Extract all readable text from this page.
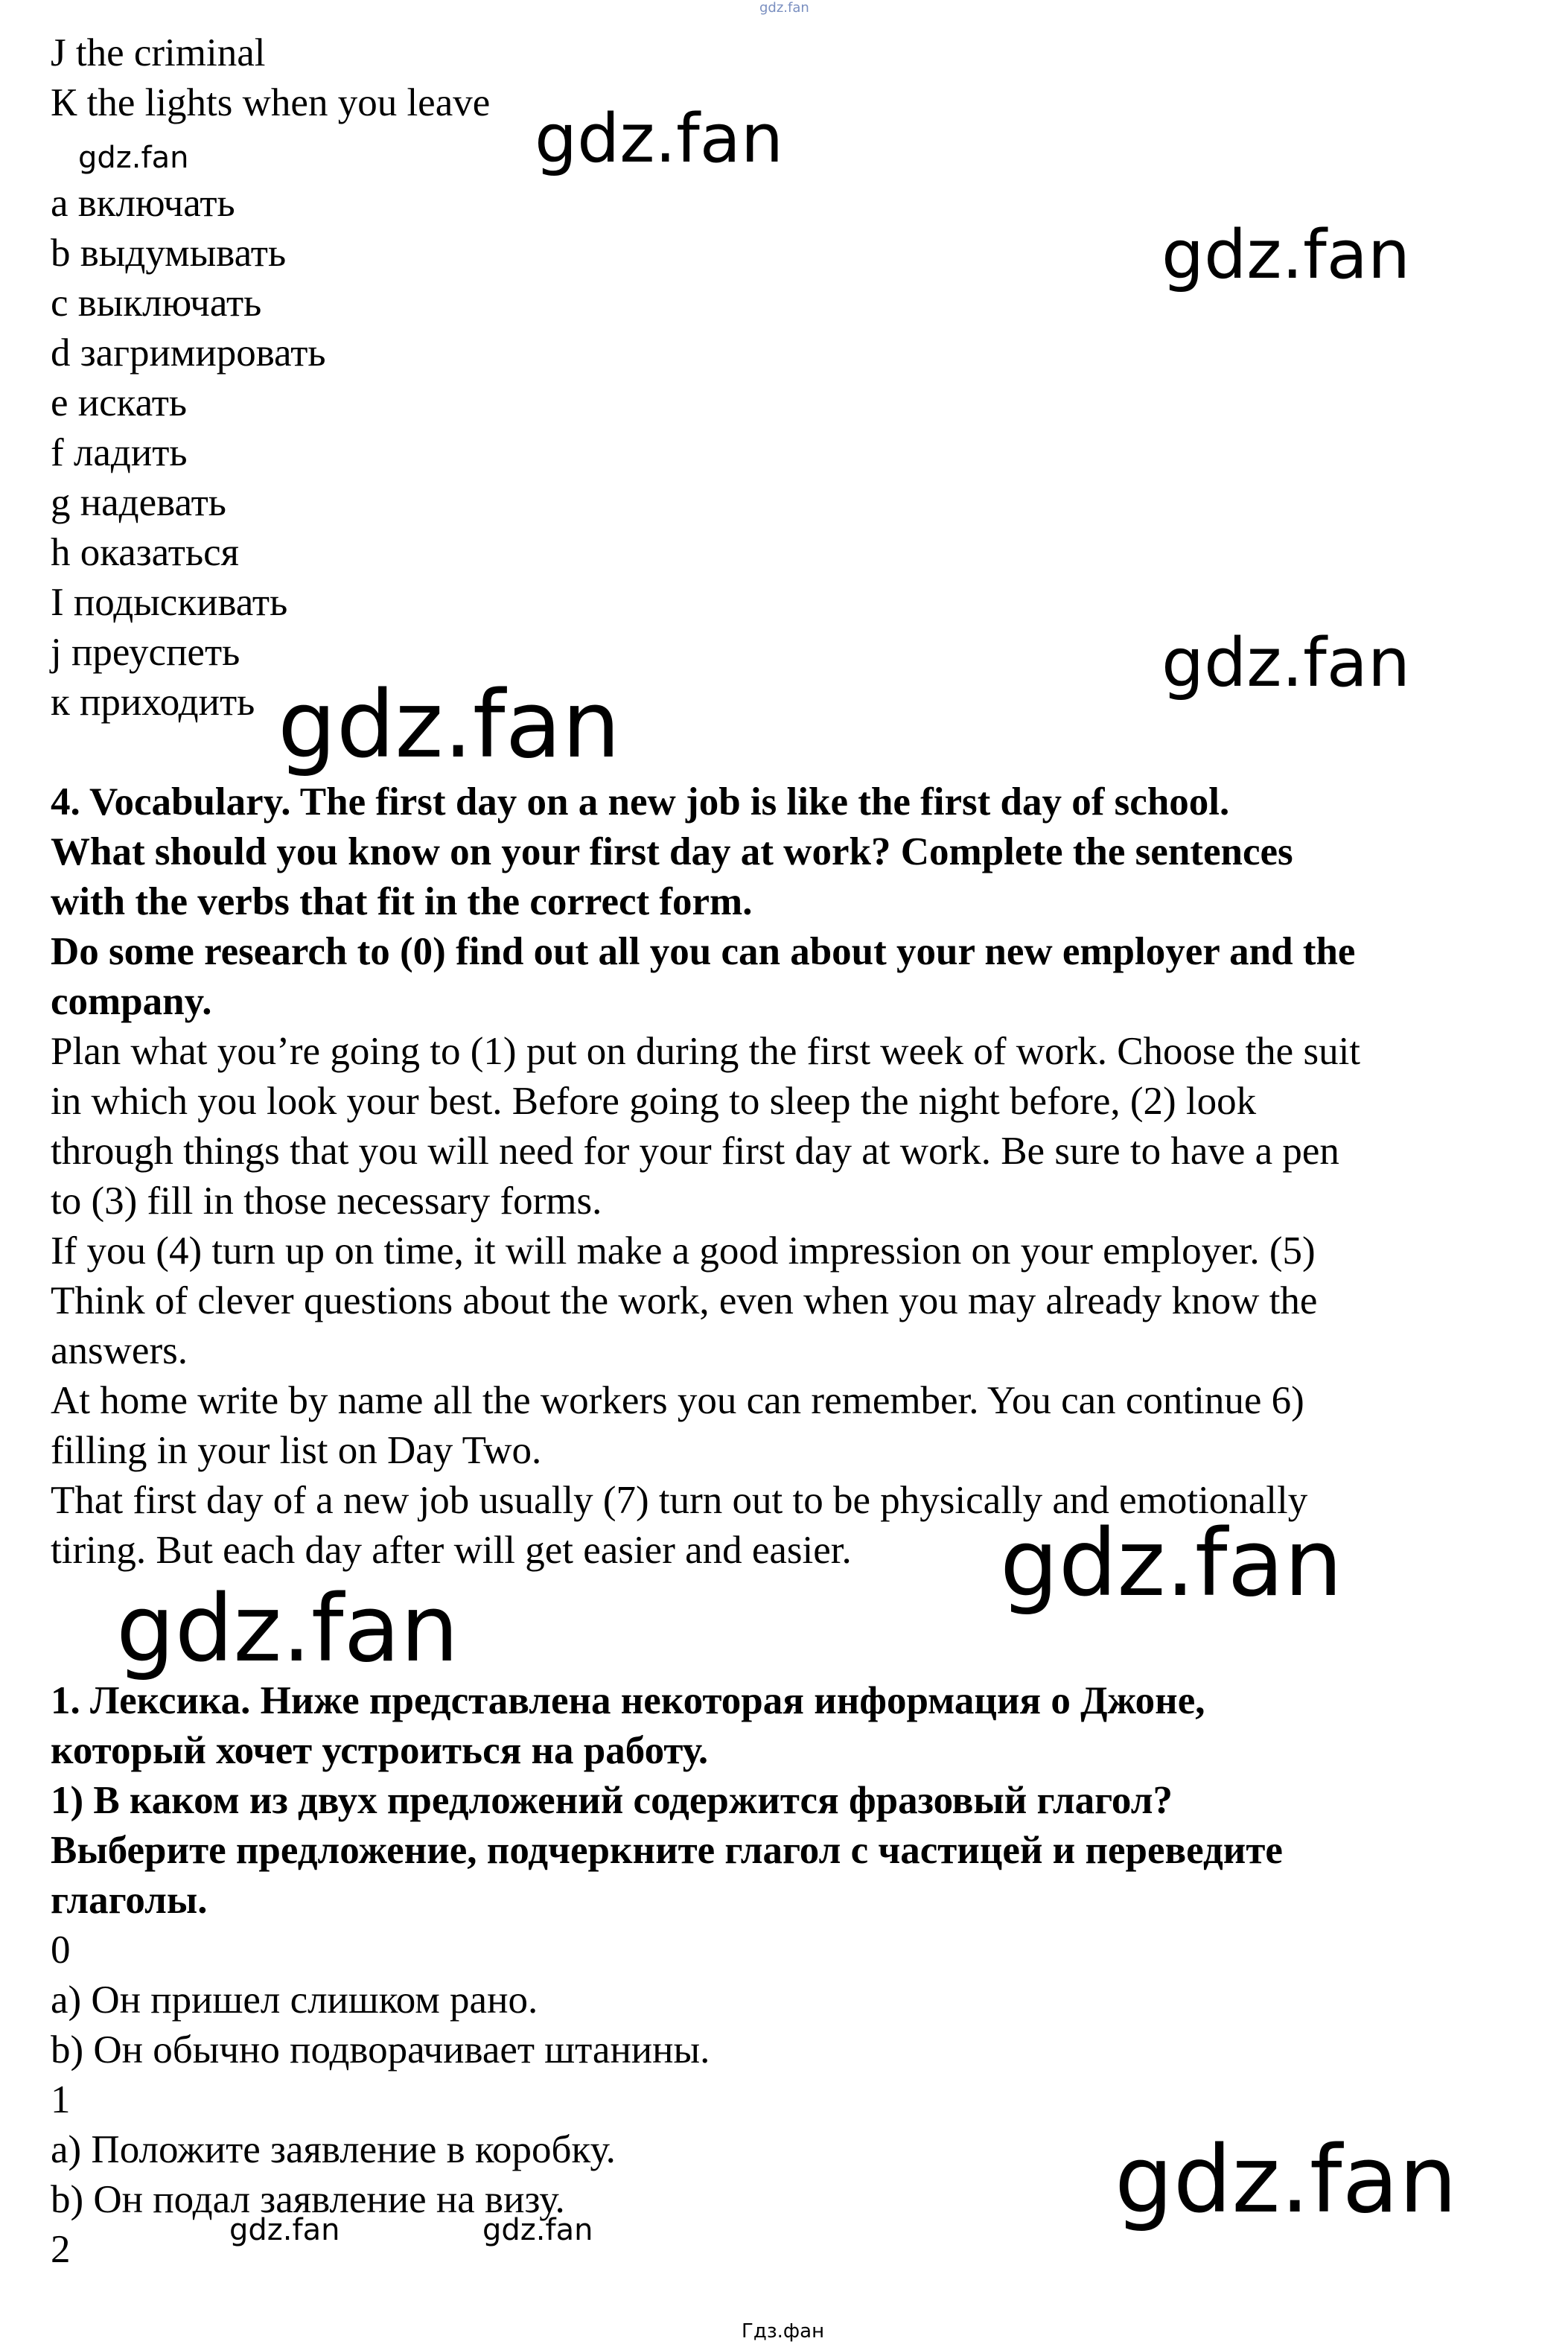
gdz.fan
gdz.fan
gdz.fan
gdz.fan
gdz.fan
gdz.fan
gdz.fan
gdz.fan
gdz.fan
gdz.fan	gdz.fan
Гдз.фан
J the criminal
К the lights when you leave
а включать
b выдумывать
с выключать
d загримировать
е искать
f ладить
g надевать
h оказаться
I подыскивать
j преуспеть
к приходить
4. Vocabulary. The first day on a new job is like the first day of school.
What should you know on your first day at work? Complete the sentences
with the verbs that fit in the correct form.
Do some research to (0) find out all you can about your new employer and the
company.
Plan what you’re going to (1) put on during the first week of work. Choose the suit
in which you look your best. Before going to sleep the night before, (2) look
through things that you will need for your first day at work. Be sure to have a pen
to (3) fill in those necessary forms.
If you (4) turn up on time, it will make a good impression on your employer. (5)
Think of clever questions about the work, even when you may already know the
answers.
At home write by name all the workers you can remember. You can continue 6)
filling in your list on Day Two.
That first day of a new job usually (7) turn out to be physically and emotionally
tiring. But each day after will get easier and easier.
1. Лексика. Ниже представлена некоторая информация о Джоне,
который хочет устроиться на работу.
1) В каком из двух предложений содержится фразовый глагол?
Выберите предложение, подчеркните глагол с частицей и переведите
глаголы.
0
a) Он пришел слишком рано.
b) Он обычно подворачивает штанины.
1
a) Положите заявление в коробку.
b) Он подал заявление на визу.
2
